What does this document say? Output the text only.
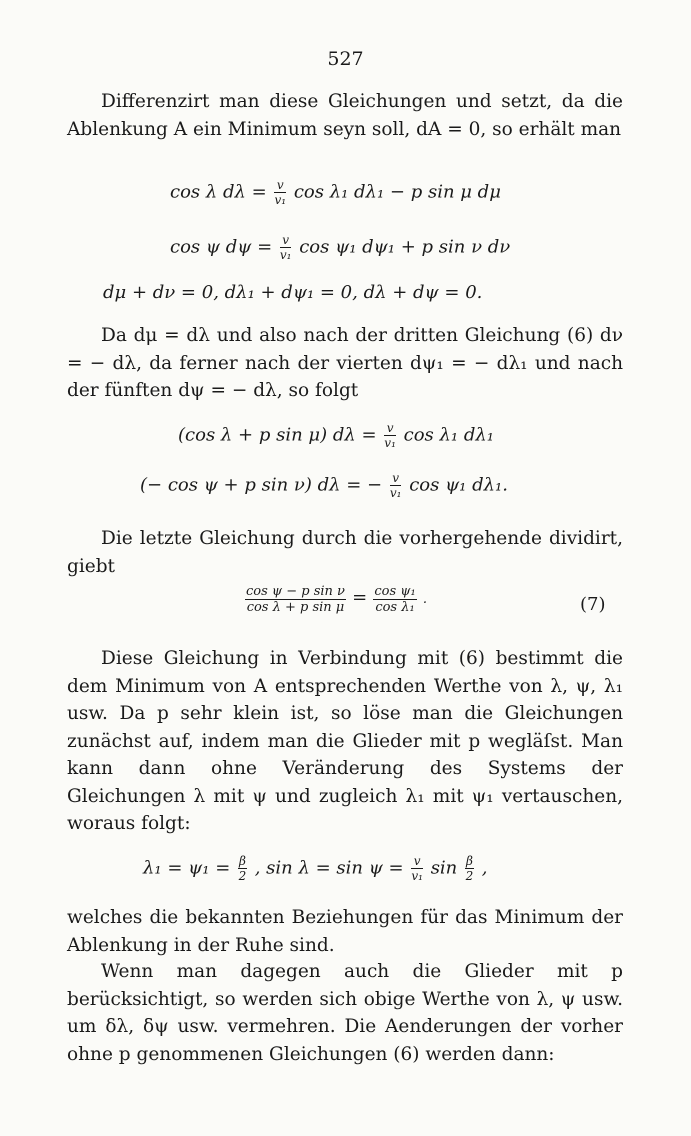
527

Differenzirt man diese Gleichungen und setzt, da die Ablenkung A ein Minimum seyn soll, dA = 0, so erhält man

cos λ $d\lambda = \frac{v}{\text{v₁}}$ cos λ₁ dλ₁ − p sin μ dμ
cos ψ $d\psi = \frac{v}{\text{v₁}}$ cos ψ₁ dψ₁ + p sin ν dν
dμ + dν = 0, dλ₁ + dψ₁ = 0, dλ + dψ = 0.

Da dμ = dλ und also nach der dritten Gleichung (6) dν = − dλ, da ferner nach der vierten dψ₁ = − dλ₁ und nach der fünften dψ = − dλ, so folgt

(cos λ + p sin μ) $d\lambda = \frac{v}{\text{v₁}}$ cos λ₁ dλ₁
(− cos ψ + p sin ν) dλ = − $\frac{v}{\text{v₁}}$ cos ψ₁ dλ₁.

Die letzte Gleichung durch die vorhergehende dividirt, giebt

$\frac{\text{cos ψ − p sin ν}}{\text{cos λ + p sin μ}} = \frac{\text{cos ψ₁}}{\text{cos λ₁}}$ .	(7)

Diese Gleichung in Verbindung mit (6) bestimmt die dem Minimum von A entsprechenden Werthe von λ, ψ, λ₁ usw. Da p sehr klein ist, so löse man die Gleichungen zunächst auf, indem man die Glieder mit p wegläſst. Man kann dann ohne Veränderung des Systems der Gleichungen λ mit ψ und zugleich λ₁ mit ψ₁ vertauschen, woraus folgt:

$\lambda_1 = \psi_1 = \frac{\beta}{2}$ , $\sin \lambda = \sin \psi = \frac{v}{\text{v₁}}$ $\sin \frac{\beta}{2}$ ,

welches die bekannten Beziehungen für das Minimum der Ablenkung in der Ruhe sind.

Wenn man dagegen auch die Glieder mit p berücksichtigt, so werden sich obige Werthe von λ, ψ usw. um δλ, δψ usw. vermehren. Die Aenderungen der vorher ohne p genommenen Gleichungen (6) werden dann:
